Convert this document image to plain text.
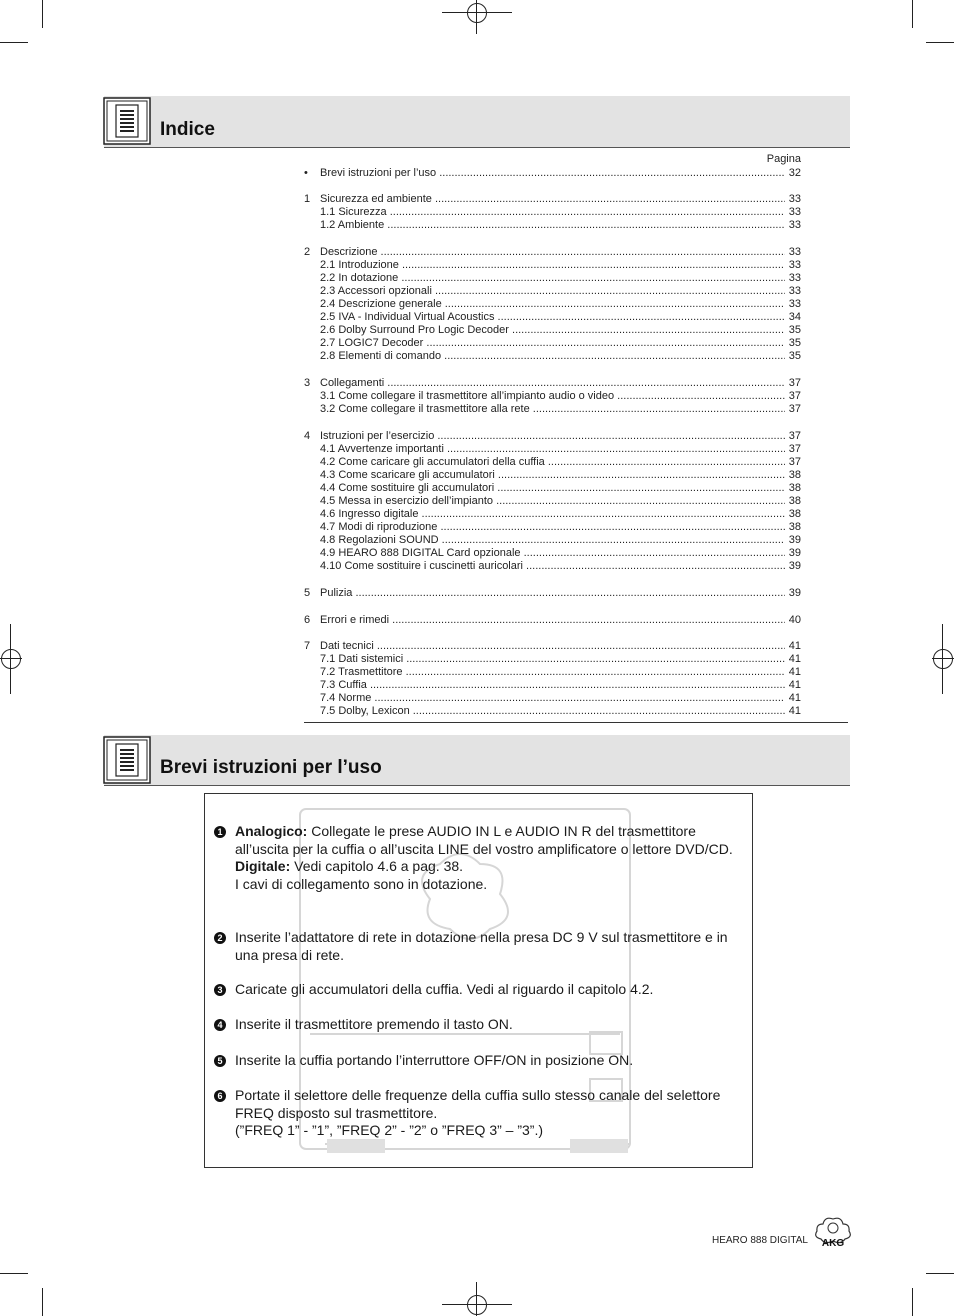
Indice
Pagina
•	Brevi istruzioni per l’uso .....	32
1 Sicurezza ed ambiente .....	33
1.1 Sicurezza .....	33
1.2 Ambiente .....	33
2 Descrizione .....	33
2.1 Introduzione .....	33
2.2 In dotazione .....	33
2.3 Accessori opzionali .....	33
2.4 Descrizione generale .....	33
2.5 IVA - Individual Virtual Acoustics .....	34
2.6 Dolby Surround Pro Logic Decoder .....	35
2.7 LOGIC7 Decoder .....	35
2.8 Elementi di comando .....	35
3 Collegamenti .....	37
3.1 Come collegare il trasmettitore all’impianto audio o video .....	37
3.2 Come collegare il trasmettitore alla rete .....	37
4 Istruzioni per l’esercizio .....	37
4.1 Avvertenze importanti .....	37
4.2 Come caricare gli accumulatori della cuffia .....	37
4.3 Come scaricare gli accumulatori .....	38
4.4 Come sostituire gli accumulatori .....	38
4.5 Messa in esercizio dell’impianto .....	38
4.6 Ingresso digitale .....	38
4.7 Modi di riproduzione .....	38
4.8 Regolazioni SOUND .....	39
4.9 HEARO 888 DIGITAL Card opzionale .....	39
4.10 Come sostituire i cuscinetti auricolari .....	39
5 Pulizia .....	39
6 Errori e rimedi .....	40
7 Dati tecnici .....	41
7.1 Dati sistemici .....	41
7.2 Trasmettitore .....	41
7.3 Cuffia .....	41
7.4 Norme .....	41
7.5 Dolby, Lexicon .....	41
Brevi istruzioni per l’uso
1 Analogico: Collegate le prese AUDIO IN L e AUDIO IN R del trasmettitore all’uscita per la cuffia o all’uscita LINE del vostro amplificatore o lettore DVD/CD.
Digitale: Vedi capitolo 4.6 a pag. 38.
I cavi di collegamento sono in dotazione.
2 Inserite l’adattatore di rete in dotazione nella presa DC 9 V sul trasmettitore e in una presa di rete.
3 Caricate gli accumulatori della cuffia. Vedi al riguardo il capitolo 4.2.
4 Inserite il trasmettitore premendo il tasto ON.
5 Inserite la cuffia portando l’interruttore OFF/ON in posizione ON.
6 Portate il selettore delle frequenze della cuffia sullo stesso canale del selettore FREQ disposto sul trasmettitore.
(”FREQ 1” - ”1”, ”FREQ 2” - ”2” o ”FREQ 3” – ”3”.)
HEARO 888 DIGITAL AKG
